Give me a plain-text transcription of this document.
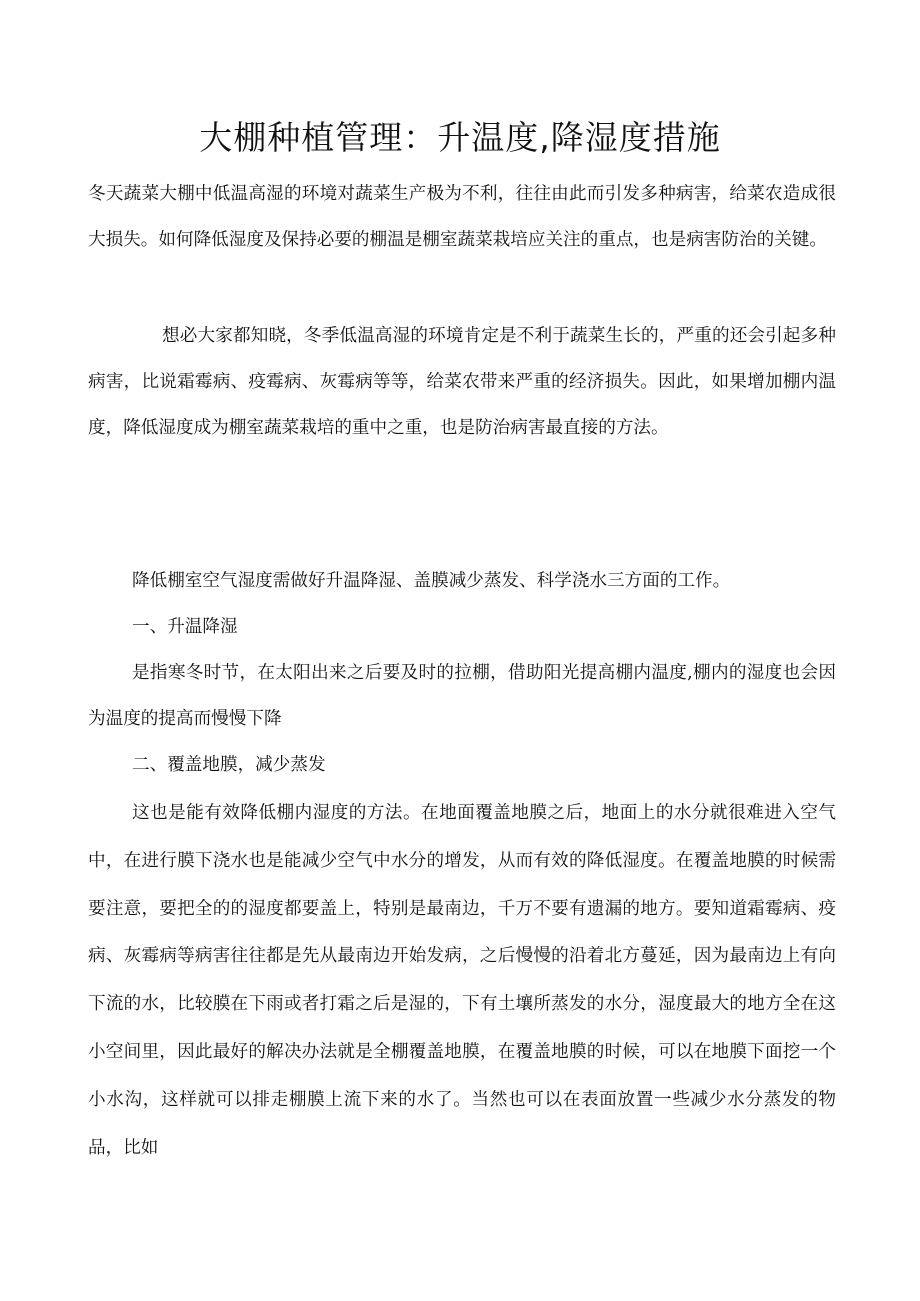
大棚种植管理：升温度,降湿度措施

冬天蔬菜大棚中低温高湿的环境对蔬菜生产极为不利，往往由此而引发多种病害，给菜农造成很大损失。如何降低湿度及保持必要的棚温是棚室蔬菜栽培应关注的重点，也是病害防治的关键。

想必大家都知晓，冬季低温高湿的环境肯定是不利于蔬菜生长的，严重的还会引起多种病害，比说霜霉病、疫霉病、灰霉病等等，给菜农带来严重的经济损失。因此，如果增加棚内温度，降低湿度成为棚室蔬菜栽培的重中之重，也是防治病害最直接的方法。

降低棚室空气湿度需做好升温降湿、盖膜减少蒸发、科学浇水三方面的工作。

一、升温降湿

是指寒冬时节，在太阳出来之后要及时的拉棚，借助阳光提高棚内温度,棚内的湿度也会因为温度的提高而慢慢下降

二、覆盖地膜，减少蒸发

这也是能有效降低棚内湿度的方法。在地面覆盖地膜之后，地面上的水分就很难进入空气中，在进行膜下浇水也是能减少空气中水分的增发，从而有效的降低湿度。在覆盖地膜的时候需要注意，要把全的的湿度都要盖上，特别是最南边，千万不要有遗漏的地方。要知道霜霉病、疫病、灰霉病等病害往往都是先从最南边开始发病，之后慢慢的沿着北方蔓延，因为最南边上有向下流的水，比较膜在下雨或者打霜之后是湿的，下有土壤所蒸发的水分，湿度最大的地方全在这小空间里，因此最好的解决办法就是全棚覆盖地膜，在覆盖地膜的时候，可以在地膜下面挖一个小水沟，这样就可以排走棚膜上流下来的水了。当然也可以在表面放置一些减少水分蒸发的物品，比如
